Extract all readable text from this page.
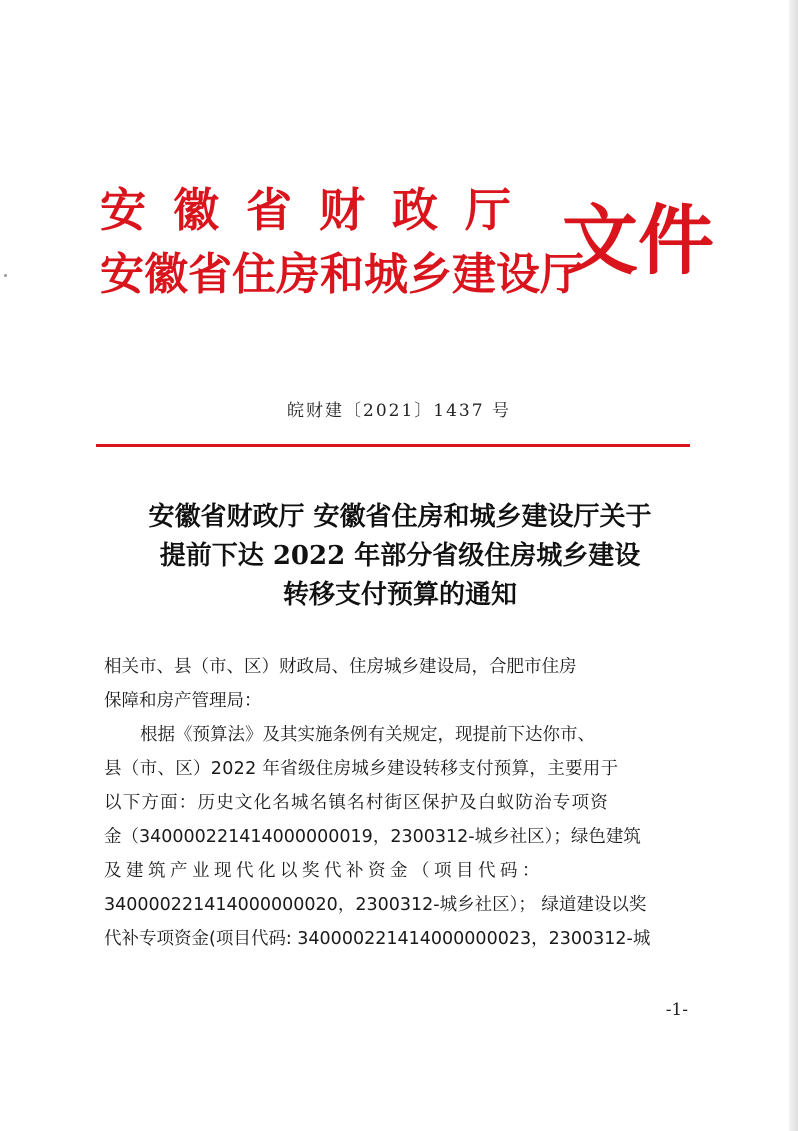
安徽省财政厅
安徽省住房和城乡建设厅
文件
皖财建〔2021〕1437 号
安徽省财政厅 安徽省住房和城乡建设厅关于
提前下达 2022 年部分省级住房城乡建设
转移支付预算的通知
相关市、县（市、区）财政局、住房城乡建设局，合肥市住房
保障和房产管理局：
根据《预算法》及其实施条例有关规定，现提前下达你市、
县（市、区）2022 年省级住房城乡建设转移支付预算，主要用于
以下方面：历史文化名城名镇名村街区保护及白蚁防治专项资
金（340000221414000000019，2300312-城乡社区）；绿色建筑
及建筑产业现代化以奖代补资金（项目代码：
340000221414000000020，2300312-城乡社区）； 绿道建设以奖
代补专项资金(项目代码: 340000221414000000023，2300312-城
-1-
